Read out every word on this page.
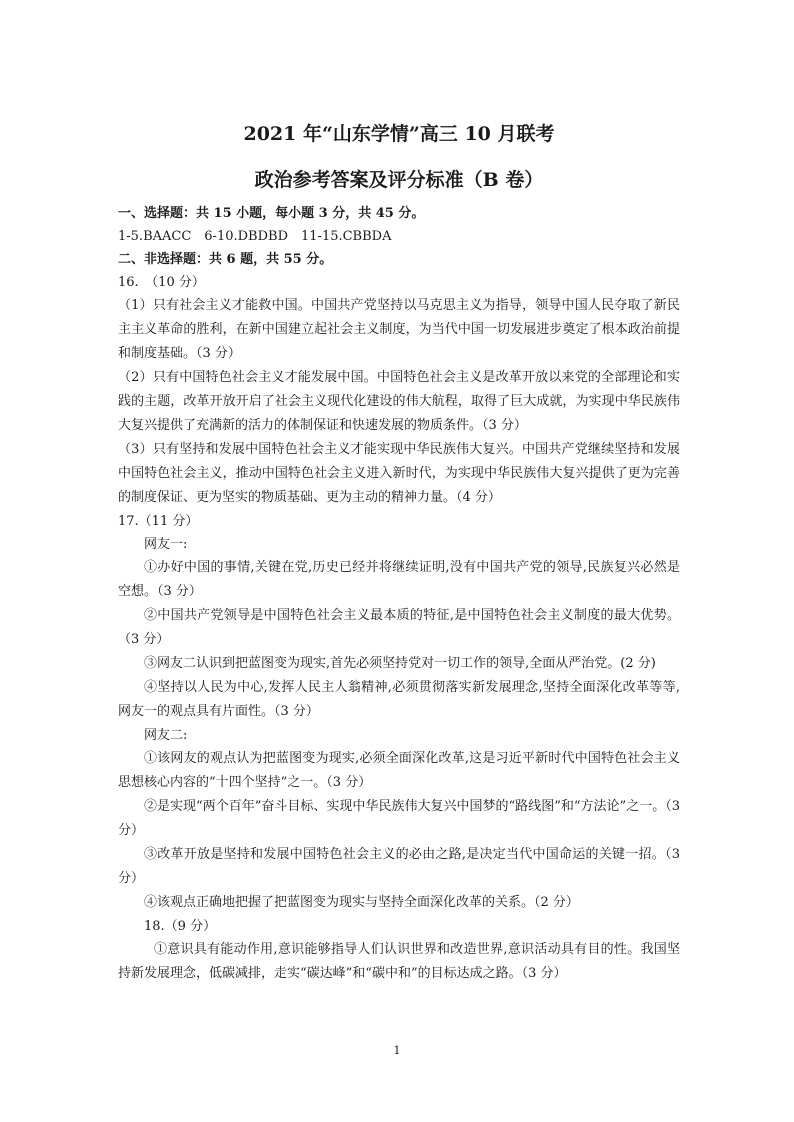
2021 年“山东学情”高三 10 月联考

政治参考答案及评分标准（B 卷）

一、选择题：共 15 小题，每小题 3 分，共 45 分。

1-5.BAACC　6-10.DBDBD　11-15.CBBDA

二、非选择题：共 6 题，共 55 分。

16.　（10 分）

（1）只有社会主义才能救中国。中国共产党坚持以马克思主义为指导，领导中国人民夺取了新民主主义革命的胜利，在新中国建立起社会主义制度，为当代中国一切发展进步奠定了根本政治前提和制度基础。（3 分）

（2）只有中国特色社会主义才能发展中国。中国特色社会主义是改革开放以来党的全部理论和实践的主题，改革开放开启了社会主义现代化建设的伟大航程，取得了巨大成就，为实现中华民族伟大复兴提供了充满新的活力的体制保证和快速发展的物质条件。（3 分）

（3）只有坚持和发展中国特色社会主义才能实现中华民族伟大复兴。中国共产党继续坚持和发展中国特色社会主义，推动中国特色社会主义进入新时代，为实现中华民族伟大复兴提供了更为完善的制度保证、更为坚实的物质基础、更为主动的精神力量。（4 分）

17.（11 分）

网友一:

①办好中国的事情,关键在党,历史已经并将继续证明,没有中国共产党的领导,民族复兴必然是空想。（3 分）

②中国共产党领导是中国特色社会主义最本质的特征,是中国特色社会主义制度的最大优势。（3 分）

③网友二认识到把蓝图变为现实,首先必须坚持党对一切工作的领导,全面从严治党。(2 分)

④坚持以人民为中心,发挥人民主人翁精神,必须贯彻落实新发展理念,坚持全面深化改革等等,网友一的观点具有片面性。（3 分）

网友二:

①该网友的观点认为把蓝图变为现实,必须全面深化改革,这是习近平新时代中国特色社会主义思想核心内容的“十四个坚持”之一。（3 分）

②是实现“两个百年”奋斗目标、实现中华民族伟大复兴中国梦的“路线图”和“方法论”之一。（3 分）

③改革开放是坚持和发展中国特色社会主义的必由之路,是决定当代中国命运的关键一招。（3 分）

④该观点正确地把握了把蓝图变为现实与坚持全面深化改革的关系。（2 分）

18.（9 分）

①意识具有能动作用,意识能够指导人们认识世界和改造世界,意识活动具有目的性。我国坚持新发展理念，低碳减排，走实“碳达峰”和“碳中和”的目标达成之路。（3 分）

1
